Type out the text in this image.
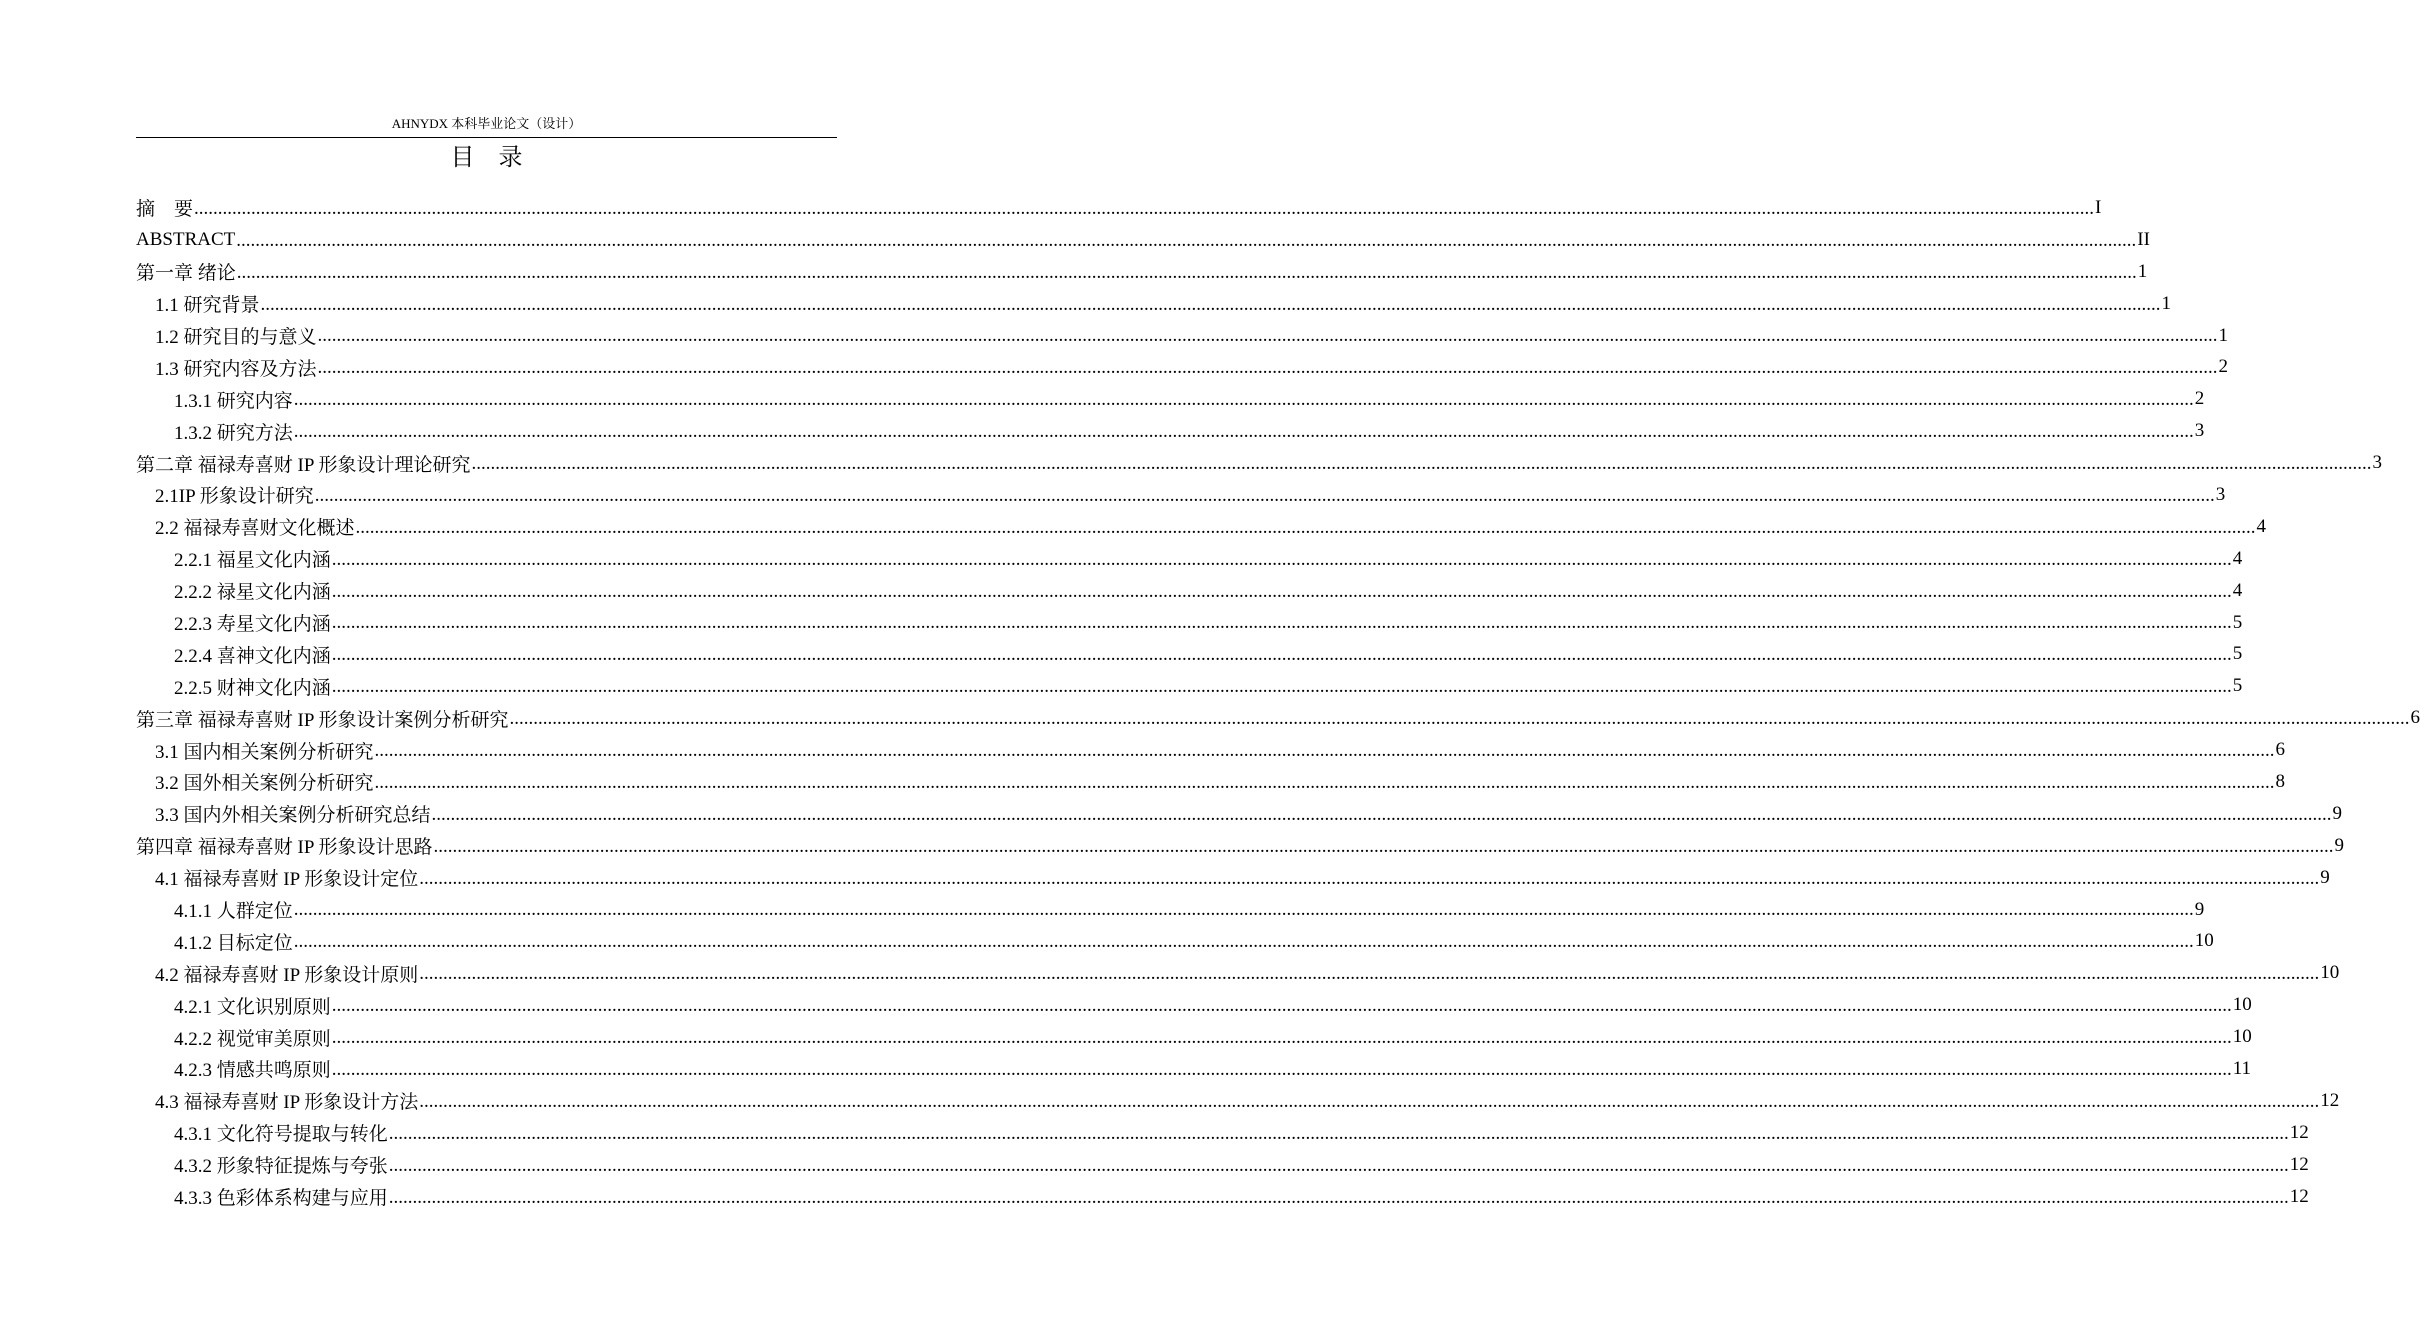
AHNYDX 本科毕业论文（设计）
目录
摘　要 ................................................................................................................................................................................................................................................................................................................................................................................................................ I
ABSTRACT ................................................................................................................................................................................................................................................................................................................................................................................................................ II
第一章 绪论 ................................................................................................................................................................................................................................................................................................................................................................................................................ 1
1.1 研究背景 ................................................................................................................................................................................................................................................................................................................................................................................................................ 1
1.2 研究目的与意义 ................................................................................................................................................................................................................................................................................................................................................................................................................ 1
1.3 研究内容及方法 ................................................................................................................................................................................................................................................................................................................................................................................................................ 2
1.3.1 研究内容 ................................................................................................................................................................................................................................................................................................................................................................................................................ 2
1.3.2 研究方法 ................................................................................................................................................................................................................................................................................................................................................................................................................ 3
第二章 福禄寿喜财 IP 形象设计理论研究 ................................................................................................................................................................................................................................................................................................................................................................................................................ 3
2.1IP 形象设计研究 ................................................................................................................................................................................................................................................................................................................................................................................................................ 3
2.2 福禄寿喜财文化概述 ................................................................................................................................................................................................................................................................................................................................................................................................................ 4
2.2.1 福星文化内涵 ................................................................................................................................................................................................................................................................................................................................................................................................................ 4
2.2.2 禄星文化内涵 ................................................................................................................................................................................................................................................................................................................................................................................................................ 4
2.2.3 寿星文化内涵 ................................................................................................................................................................................................................................................................................................................................................................................................................ 5
2.2.4 喜神文化内涵 ................................................................................................................................................................................................................................................................................................................................................................................................................ 5
2.2.5 财神文化内涵 ................................................................................................................................................................................................................................................................................................................................................................................................................ 5
第三章 福禄寿喜财 IP 形象设计案例分析研究 ................................................................................................................................................................................................................................................................................................................................................................................................................ 6
3.1 国内相关案例分析研究 ................................................................................................................................................................................................................................................................................................................................................................................................................ 6
3.2 国外相关案例分析研究 ................................................................................................................................................................................................................................................................................................................................................................................................................ 8
3.3 国内外相关案例分析研究总结 ................................................................................................................................................................................................................................................................................................................................................................................................................ 9
第四章 福禄寿喜财 IP 形象设计思路 ................................................................................................................................................................................................................................................................................................................................................................................................................ 9
4.1 福禄寿喜财 IP 形象设计定位 ................................................................................................................................................................................................................................................................................................................................................................................................................ 9
4.1.1 人群定位 ................................................................................................................................................................................................................................................................................................................................................................................................................ 9
4.1.2 目标定位 ................................................................................................................................................................................................................................................................................................................................................................................................................ 10
4.2 福禄寿喜财 IP 形象设计原则 ................................................................................................................................................................................................................................................................................................................................................................................................................ 10
4.2.1 文化识别原则 ................................................................................................................................................................................................................................................................................................................................................................................................................ 10
4.2.2 视觉审美原则 ................................................................................................................................................................................................................................................................................................................................................................................................................ 10
4.2.3 情感共鸣原则 ................................................................................................................................................................................................................................................................................................................................................................................................................ 11
4.3 福禄寿喜财 IP 形象设计方法 ................................................................................................................................................................................................................................................................................................................................................................................................................ 12
4.3.1 文化符号提取与转化 ................................................................................................................................................................................................................................................................................................................................................................................................................ 12
4.3.2 形象特征提炼与夸张 ................................................................................................................................................................................................................................................................................................................................................................................................................ 12
4.3.3 色彩体系构建与应用 ................................................................................................................................................................................................................................................................................................................................................................................................................ 12
